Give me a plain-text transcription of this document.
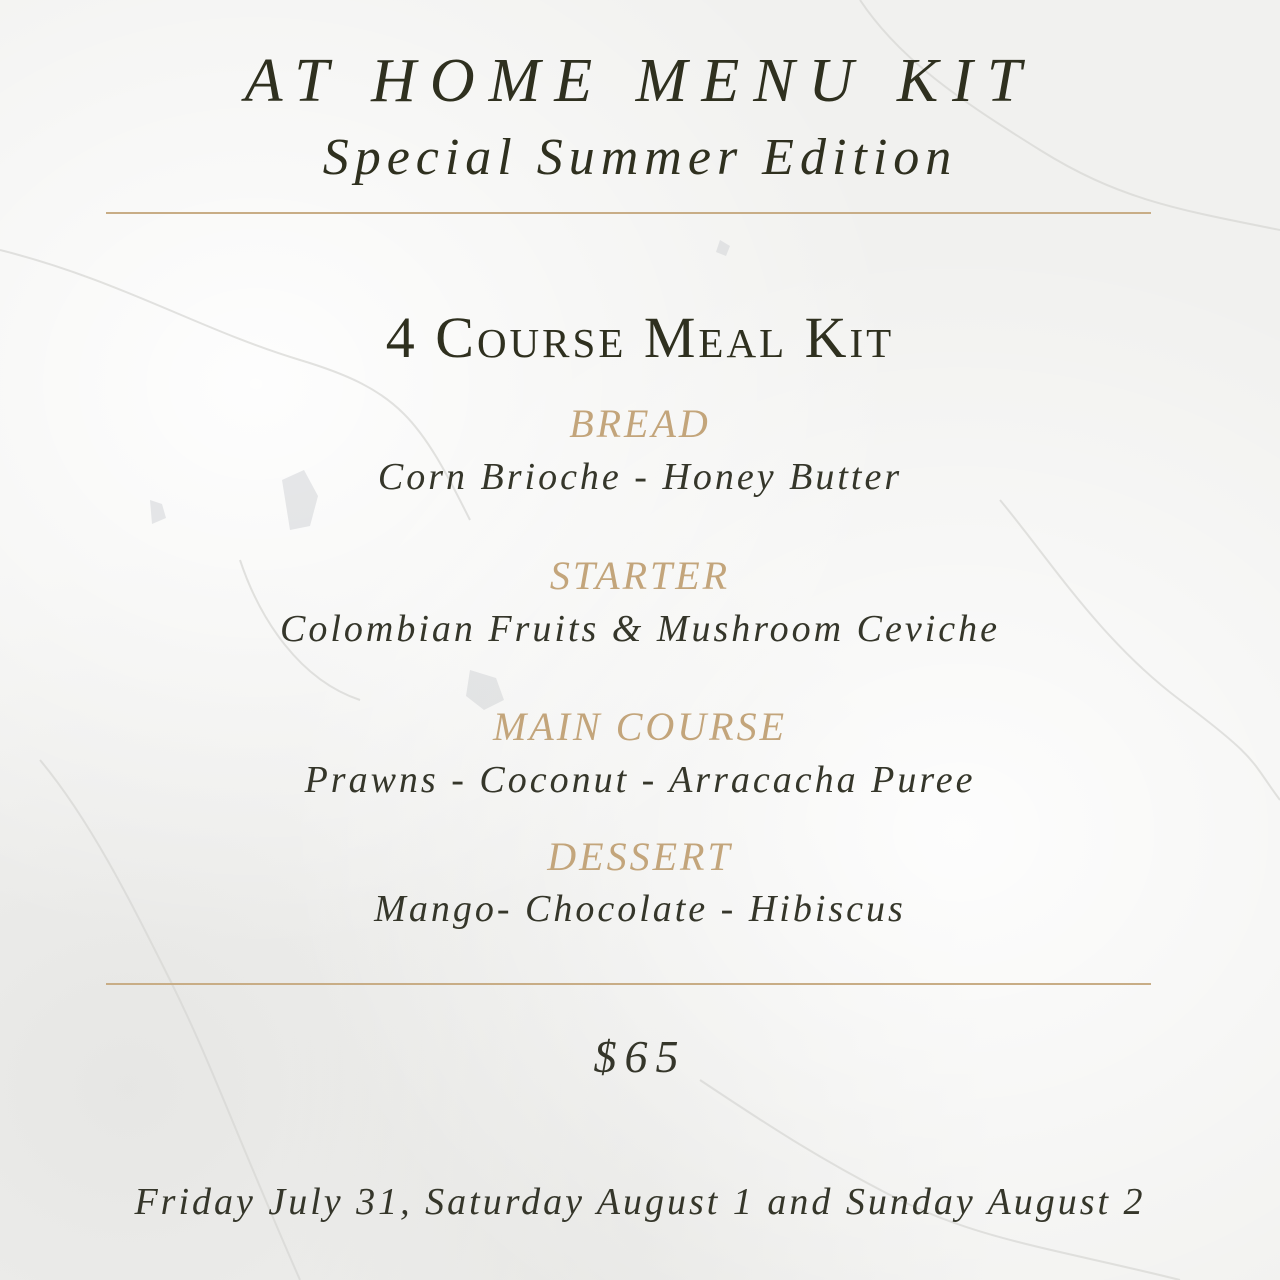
AT HOME MENU KIT
Special Summer Edition
4 Course Meal Kit
BREAD
Corn Brioche - Honey Butter
STARTER
Colombian Fruits & Mushroom Ceviche
MAIN COURSE
Prawns - Coconut - Arracacha Puree
DESSERT
Mango- Chocolate - Hibiscus
$65
Friday July 31, Saturday August 1 and Sunday August 2
